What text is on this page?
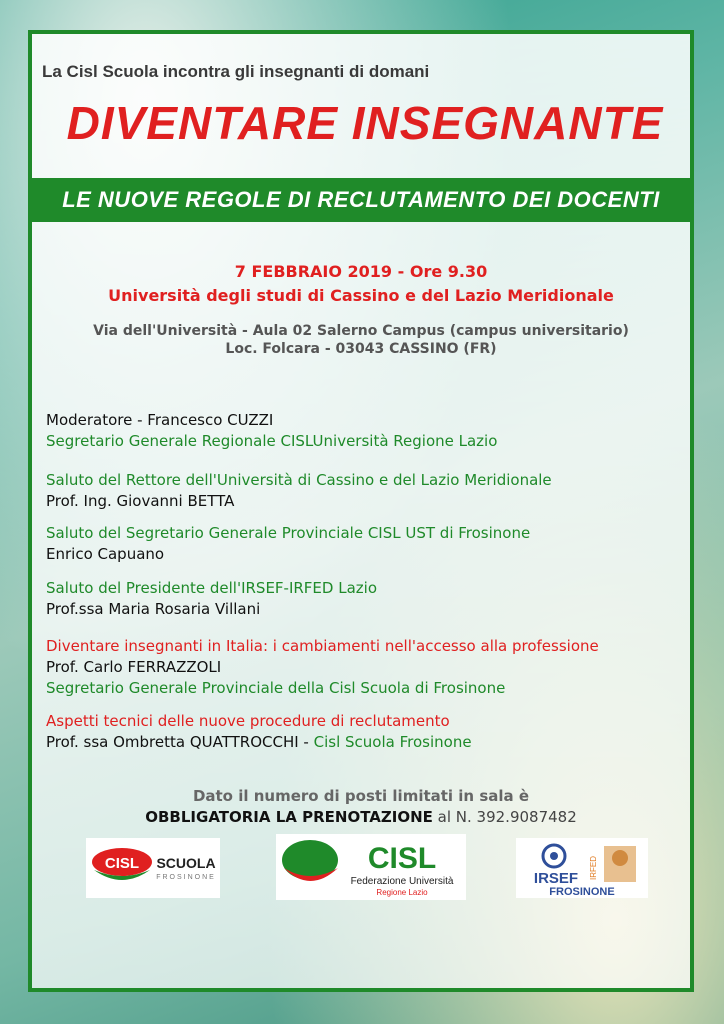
La Cisl Scuola incontra gli insegnanti di domani
DIVENTARE INSEGNANTE
LE NUOVE REGOLE DI RECLUTAMENTO DEI DOCENTI
7 FEBBRAIO 2019 - Ore 9.30
Università degli studi di Cassino e del Lazio Meridionale
Via dell'Università - Aula 02 Salerno Campus (campus universitario)
Loc. Folcara - 03043 CASSINO (FR)
Moderatore - Francesco CUZZI
Segretario Generale Regionale CISLUniversità Regione Lazio
Saluto del Rettore dell'Università di Cassino e del Lazio Meridionale
Prof. Ing. Giovanni BETTA
Saluto del Segretario Generale Provinciale CISL UST di Frosinone
Enrico Capuano
Saluto del Presidente dell'IRSEF-IRFED Lazio
Prof.ssa Maria Rosaria Villani
Diventare insegnanti in Italia: i cambiamenti nell'accesso alla professione
Prof. Carlo FERRAZZOLI
Segretario Generale Provinciale della Cisl Scuola di Frosinone
Aspetti tecnici delle nuove procedure di reclutamento
Prof. ssa Ombretta QUATTROCCHI - Cisl Scuola Frosinone
Dato il numero di posti limitati in sala è
OBBLIGATORIA LA PRENOTAZIONE al N. 392.9087482
CISL SCUOLA
FROSINONE
CISL
Federazione Università
Regione Lazio
IRSEF IRFED
FROSINONE
